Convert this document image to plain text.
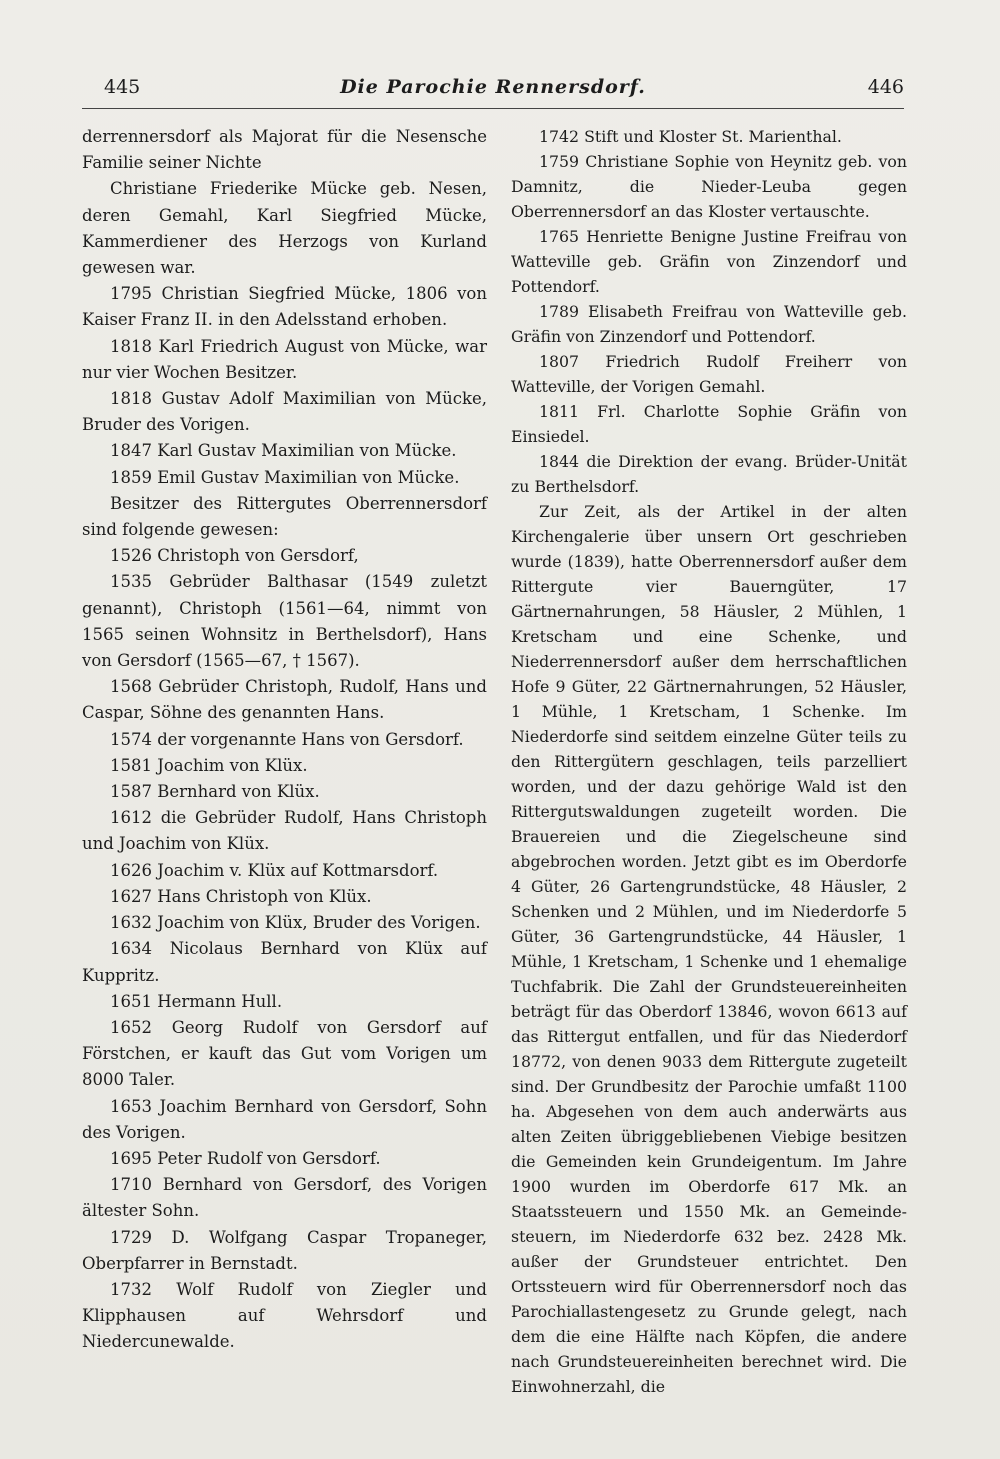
445	Die Parochie Rennersdorf.	446

derrennersdorf als Majorat für die Nesensche Familie seiner Nichte

Christiane Friederike Mücke geb. Nesen, deren Gemahl, Karl Siegfried Mücke, Kammerdiener des Herzogs von Kurland gewesen war.

1795 Christian Siegfried Mücke, 1806 von Kaiser Franz II. in den Adelsstand erhoben.

1818 Karl Friedrich August von Mücke, war nur vier Wochen Besitzer.

1818 Gustav Adolf Maximilian von Mücke, Bruder des Vorigen.

1847 Karl Gustav Maximilian von Mücke.

1859 Emil Gustav Maximilian von Mücke.

Besitzer des Rittergutes Oberrennersdorf sind folgende gewesen:

1526 Christoph von Gersdorf,

1535 Gebrüder Balthasar (1549 zuletzt genannt), Christoph (1561—64, nimmt von 1565 seinen Wohnsitz in Berthelsdorf), Hans von Gersdorf (1565—67, † 1567).

1568 Gebrüder Christoph, Rudolf, Hans und Caspar, Söhne des genannten Hans.

1574 der vorgenannte Hans von Gersdorf.

1581 Joachim von Klüx.

1587 Bernhard von Klüx.

1612 die Gebrüder Rudolf, Hans Christoph und Joachim von Klüx.

1626 Joachim v. Klüx auf Kottmarsdorf.

1627 Hans Christoph von Klüx.

1632 Joachim von Klüx, Bruder des Vorigen.

1634 Nicolaus Bernhard von Klüx auf Kuppritz.

1651 Hermann Hull.

1652 Georg Rudolf von Gersdorf auf Förstchen, er kauft das Gut vom Vorigen um 8000 Taler.

1653 Joachim Bernhard von Gersdorf, Sohn des Vorigen.

1695 Peter Rudolf von Gersdorf.

1710 Bernhard von Gersdorf, des Vorigen ältester Sohn.

1729 D. Wolfgang Caspar Tropaneger, Oberpfarrer in Bernstadt.

1732 Wolf Rudolf von Ziegler und Klipphausen auf Wehrsdorf und Niedercunewalde.

1742 Stift und Kloster St. Marienthal.

1759 Christiane Sophie von Heynitz geb. von Damnitz, die Nieder-Leuba gegen Oberrennersdorf an das Kloster vertauschte.

1765 Henriette Benigne Justine Freifrau von Watteville geb. Gräfin von Zinzendorf und Pottendorf.

1789 Elisabeth Freifrau von Watteville geb. Gräfin von Zinzendorf und Pottendorf.

1807 Friedrich Rudolf Freiherr von Watteville, der Vorigen Gemahl.

1811 Frl. Charlotte Sophie Gräfin von Einsiedel.

1844 die Direktion der evang. Brüder-Unität zu Berthelsdorf.

Zur Zeit, als der Artikel in der alten Kirchengalerie über unsern Ort geschrieben wurde (1839), hatte Oberrennersdorf außer dem Rittergute vier Bauerngüter, 17 Gärtnernahrungen, 58 Häusler, 2 Mühlen, 1 Kretscham und eine Schenke, und Niederrennersdorf außer dem herrschaftlichen Hofe 9 Güter, 22 Gärtnernahrungen, 52 Häusler, 1 Mühle, 1 Kretscham, 1 Schenke. Im Niederdorfe sind seitdem einzelne Güter teils zu den Rittergütern geschlagen, teils parzelliert worden, und der dazu gehörige Wald ist den Rittergutswaldungen zugeteilt worden. Die Brauereien und die Ziegelscheune sind abgebrochen worden. Jetzt gibt es im Oberdorfe 4 Güter, 26 Gartengrundstücke, 48 Häusler, 2 Schenken und 2 Mühlen, und im Niederdorfe 5 Güter, 36 Gartengrundstücke, 44 Häusler, 1 Mühle, 1 Kretscham, 1 Schenke und 1 ehemalige Tuchfabrik. Die Zahl der Grundsteuereinheiten beträgt für das Oberdorf 13846, wovon 6613 auf das Rittergut entfallen, und für das Niederdorf 18772, von denen 9033 dem Rittergute zugeteilt sind. Der Grundbesitz der Parochie umfaßt 1100 ha. Abgesehen von dem auch anderwärts aus alten Zeiten übriggebliebenen Viebige besitzen die Gemeinden kein Grundeigentum. Im Jahre 1900 wurden im Oberdorfe 617 Mk. an Staatssteuern und 1550 Mk. an Gemeindesteuern, im Niederdorfe 632 bez. 2428 Mk. außer der Grundsteuer entrichtet. Den Ortssteuern wird für Oberrennersdorf noch das Parochiallastengesetz zu Grunde gelegt, nach dem die eine Hälfte nach Köpfen, die andere nach Grundsteuereinheiten berechnet wird. Die Einwohnerzahl, die
